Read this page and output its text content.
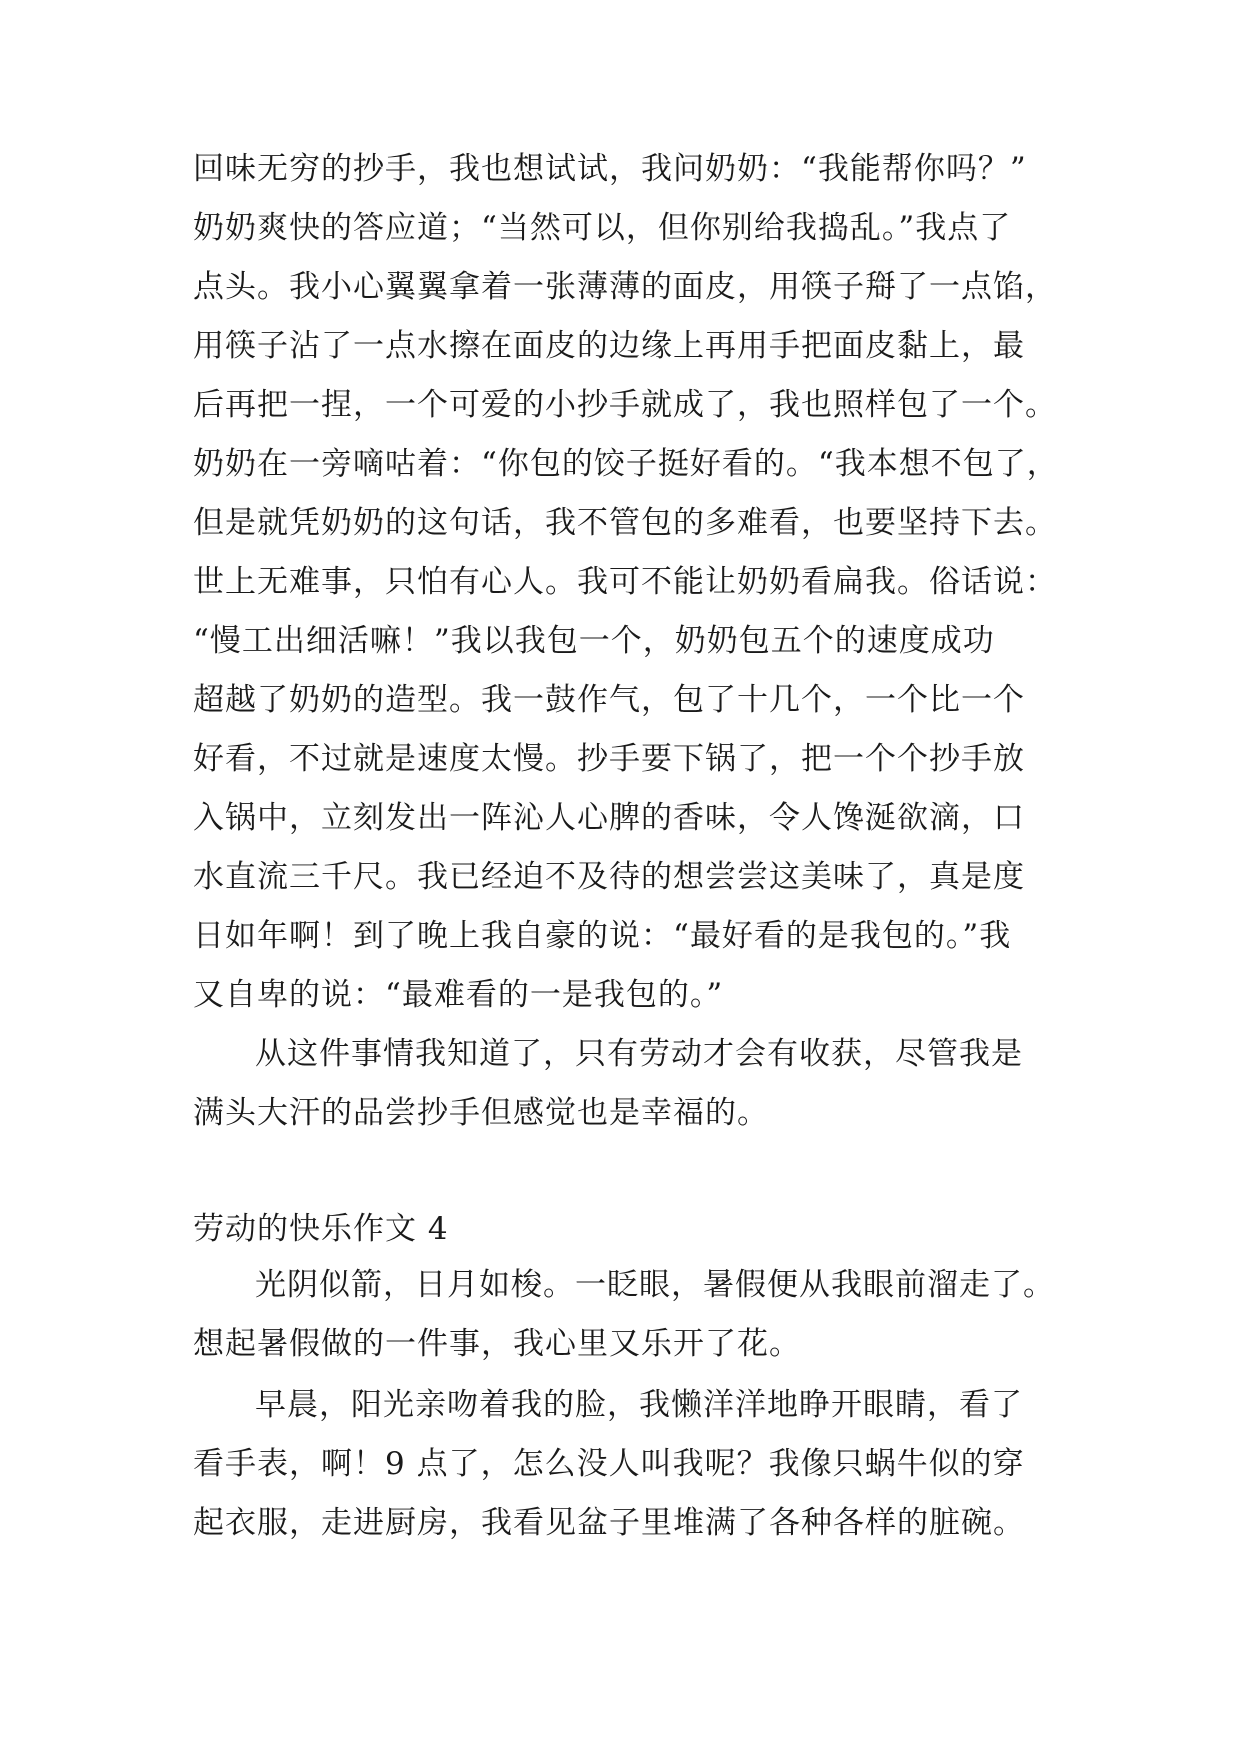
回味无穷的抄手，我也想试试，我问奶奶：“我能帮你吗？”
奶奶爽快的答应道；“当然可以，但你别给我捣乱。”我点了
点头。我小心翼翼拿着一张薄薄的面皮，用筷子搿了一点馅，
用筷子沾了一点水擦在面皮的边缘上再用手把面皮黏上，最
后再把一捏，一个可爱的小抄手就成了，我也照样包了一个。
奶奶在一旁嘀咕着：“你包的饺子挺好看的。“我本想不包了，
但是就凭奶奶的这句话，我不管包的多难看，也要坚持下去。
世上无难事，只怕有心人。我可不能让奶奶看扁我。俗话说：
“慢工出细活嘛！”我以我包一个，奶奶包五个的速度成功
超越了奶奶的造型。我一鼓作气，包了十几个，一个比一个
好看，不过就是速度太慢。抄手要下锅了，把一个个抄手放
入锅中，立刻发出一阵沁人心脾的香味，令人馋涎欲滴，口
水直流三千尺。我已经迫不及待的想尝尝这美味了，真是度
日如年啊！到了晚上我自豪的说：“最好看的是我包的。”我
又自卑的说：“最难看的一是我包的。”
从这件事情我知道了，只有劳动才会有收获，尽管我是
满头大汗的品尝抄手但感觉也是幸福的。
劳动的快乐作文 4
光阴似箭，日月如梭。一眨眼，暑假便从我眼前溜走了。
想起暑假做的一件事，我心里又乐开了花。
早晨，阳光亲吻着我的脸，我懒洋洋地睁开眼睛，看了
看手表，啊！9 点了，怎么没人叫我呢？我像只蜗牛似的穿
起衣服，走进厨房，我看见盆子里堆满了各种各样的脏碗。
